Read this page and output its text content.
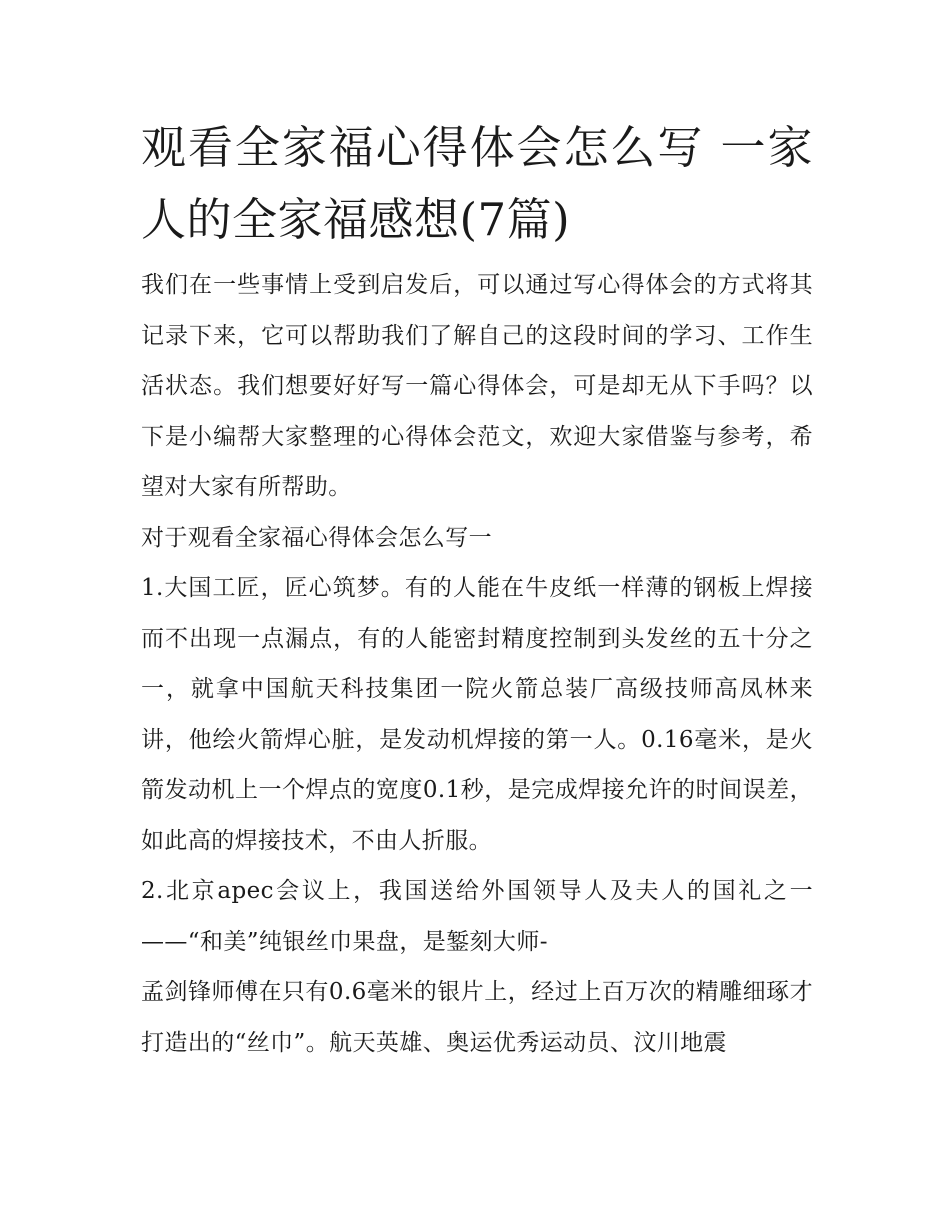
观看全家福心得体会怎么写 一家人的全家福感想(7篇)

我们在一些事情上受到启发后，可以通过写心得体会的方式将其记录下来，它可以帮助我们了解自己的这段时间的学习、工作生活状态。我们想要好好写一篇心得体会，可是却无从下手吗？以下是小编帮大家整理的心得体会范文，欢迎大家借鉴与参考，希望对大家有所帮助。

对于观看全家福心得体会怎么写一

1.大国工匠，匠心筑梦。有的人能在牛皮纸一样薄的钢板上焊接而不出现一点漏点，有的人能密封精度控制到头发丝的五十分之一，就拿中国航天科技集团一院火箭总装厂高级技师高凤林来讲，他绘火箭焊心脏，是发动机焊接的第一人。0.16毫米，是火箭发动机上一个焊点的宽度0.1秒，是完成焊接允许的时间误差，如此高的焊接技术，不由人折服。

2.北京apec会议上，我国送给外国领导人及夫人的国礼之一——“和美”纯银丝巾果盘，是錾刻大师-

孟剑锋师傅在只有0.6毫米的银片上，经过上百万次的精雕细琢才打造出的“丝巾”。航天英雄、奥运优秀运动员、汶川地震
